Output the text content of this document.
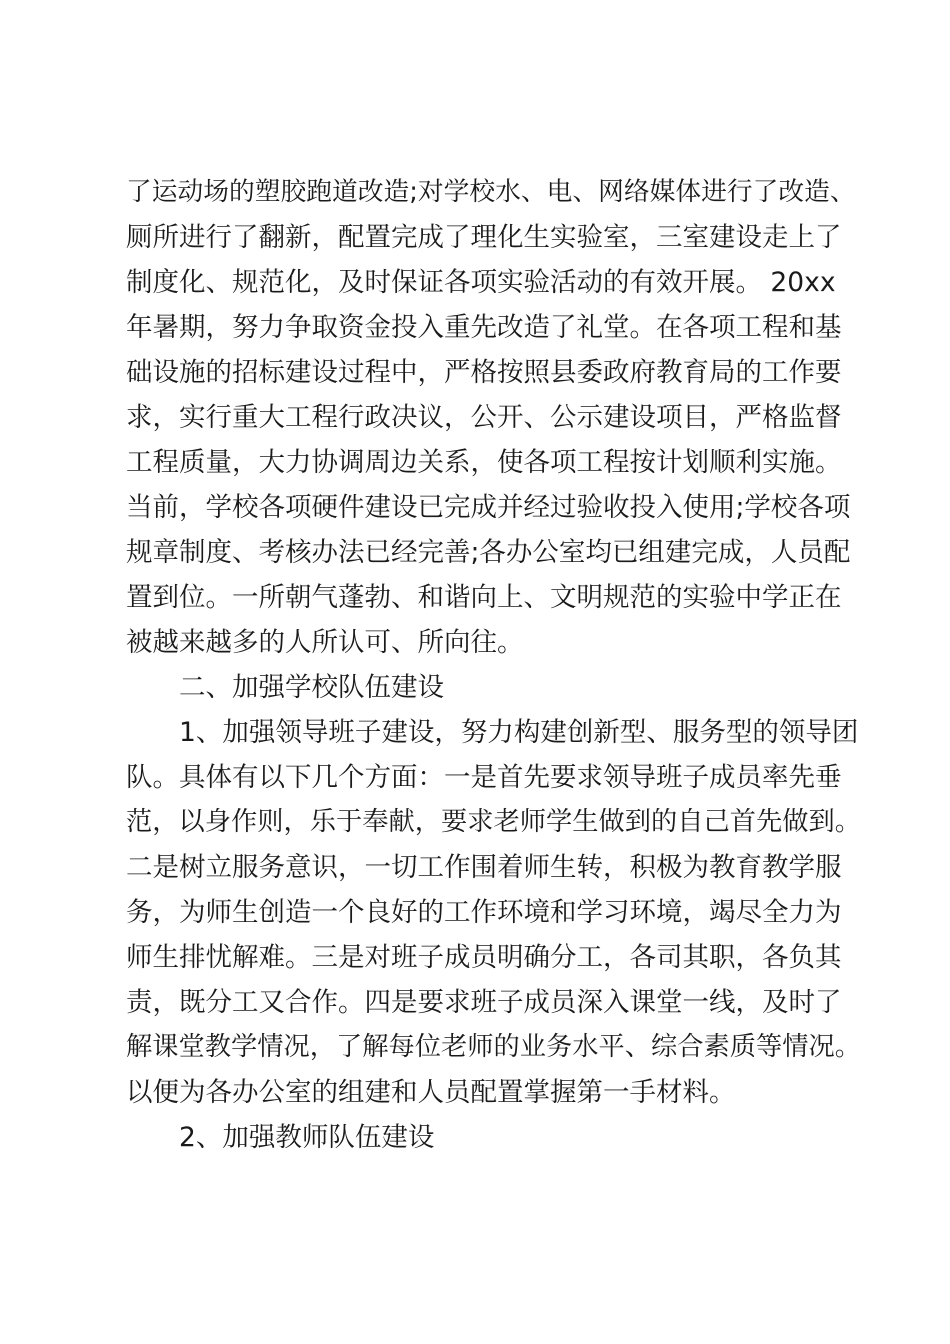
了运动场的塑胶跑道改造;对学校水、电、网络媒体进行了改造、
厕所进行了翻新，配置完成了理化生实验室，三室建设走上了
制度化、规范化，及时保证各项实验活动的有效开展。 20xx
年暑期，努力争取资金投入重先改造了礼堂。在各项工程和基
础设施的招标建设过程中，严格按照县委政府教育局的工作要
求，实行重大工程行政决议，公开、公示建设项目，严格监督
工程质量，大力协调周边关系，使各项工程按计划顺利实施。
当前，学校各项硬件建设已完成并经过验收投入使用;学校各项
规章制度、考核办法已经完善;各办公室均已组建完成，人员配
置到位。一所朝气蓬勃、和谐向上、文明规范的实验中学正在
被越来越多的人所认可、所向往。
二、加强学校队伍建设
1、加强领导班子建设，努力构建创新型、服务型的领导团
队。具体有以下几个方面：一是首先要求领导班子成员率先垂
范，以身作则，乐于奉献，要求老师学生做到的自己首先做到。
二是树立服务意识，一切工作围着师生转，积极为教育教学服
务，为师生创造一个良好的工作环境和学习环境，竭尽全力为
师生排忧解难。三是对班子成员明确分工，各司其职，各负其
责，既分工又合作。四是要求班子成员深入课堂一线，及时了
解课堂教学情况，了解每位老师的业务水平、综合素质等情况。
以便为各办公室的组建和人员配置掌握第一手材料。
2、加强教师队伍建设
